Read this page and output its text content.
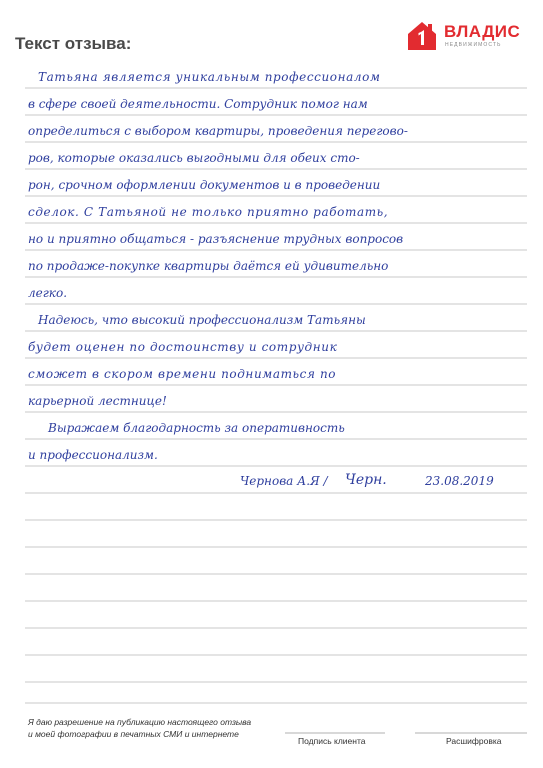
Текст отзыва:
ВЛАДИС
НЕДВИЖИМОСТЬ
Татьяна является уникальным профессионалом
в сфере своей деятельности. Сотрудник помог нам
определиться с выбором квартиры, проведения перегово-
ров, которые оказались выгодными для обеих сто-
рон, срочном оформлении документов и в проведении
сделок. С Татьяной не только приятно работать,
но и приятно общаться - разъяснение трудных вопросов
по продаже-покупке квартиры даётся ей удивительно
легко.
Надеюсь, что высокий профессионализм Татьяны
будет оценен по достоинству и сотрудник
сможет в скором времени подниматься по
карьерной лестнице!
Выражаем благодарность за оперативность
и профессионализм.
Чернова А.Я / Черн.	23.08.2019
Я даю разрешение на публикацию настоящего отзыва
и моей фотографии в печатных СМИ и интернете
Подпись клиента	Расшифровка
